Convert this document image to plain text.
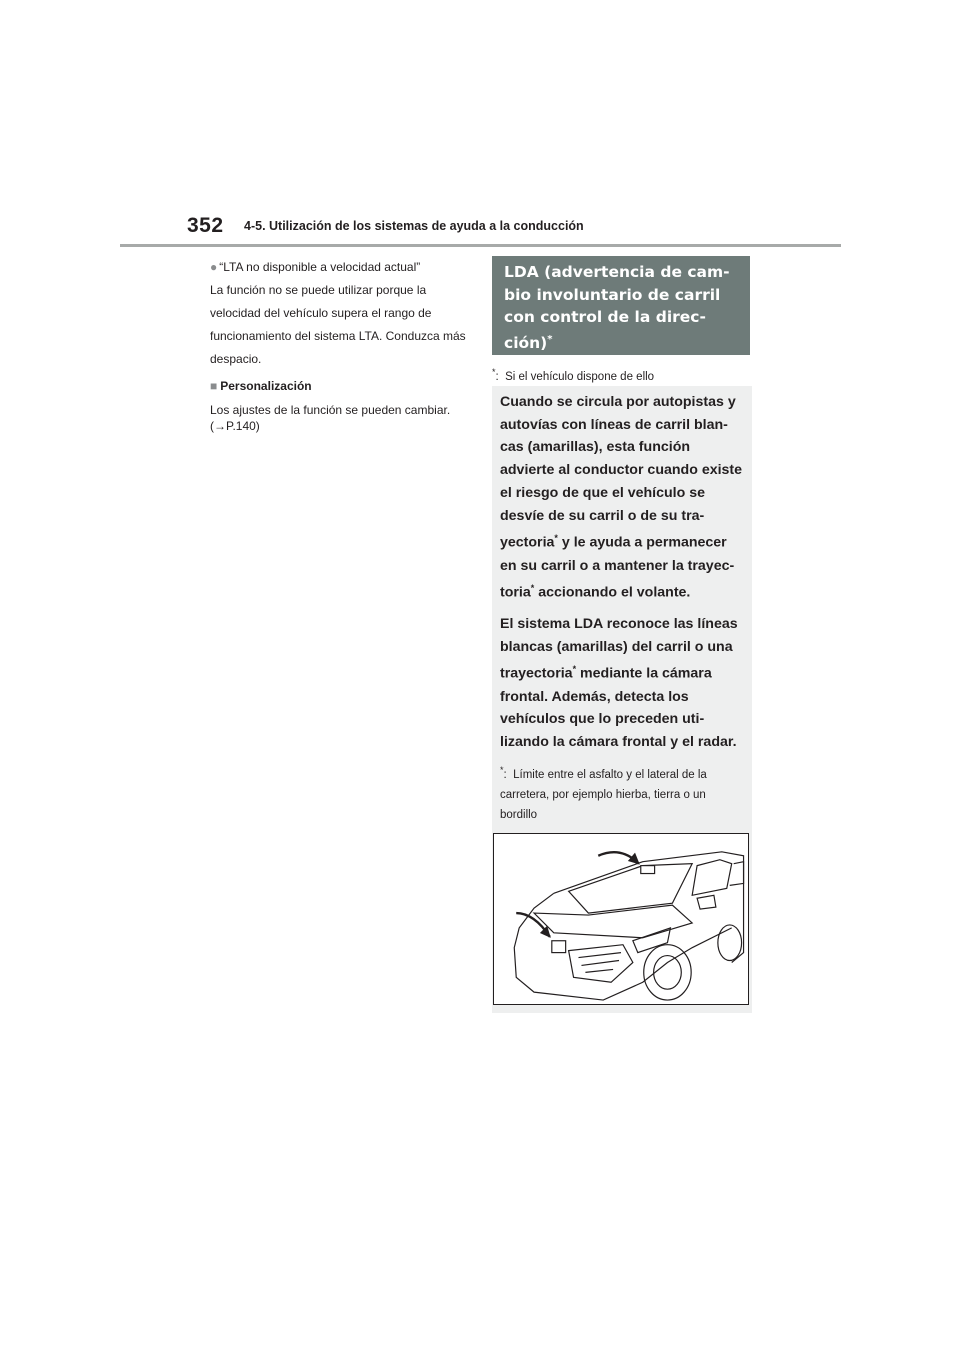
352 4-5. Utilización de los sistemas de ayuda a la conducción
● “LTA no disponible a velocidad actual”
La función no se puede utilizar porque la velocidad del vehículo supera el rango de funcionamiento del sistema LTA. Conduzca más despacio.
■ Personalización
Los ajustes de la función se pueden cambiar.
(→P.140)
LDA (advertencia de cam-
bio involuntario de carril
con control de la direc-
ción)*
*: Si el vehículo dispone de ello

Cuando se circula por autopistas y autovías con líneas de carril blan-cas (amarillas), esta función advierte al conductor cuando existe el riesgo de que el vehículo se desvíe de su carril o de su tra-yectoria* y le ayuda a permanecer en su carril o a mantener la trayec-toria* accionando el volante.

El sistema LDA reconoce las líneas blancas (amarillas) del carril o una trayectoria* mediante la cámara frontal. Además, detecta los vehículos que lo preceden uti-lizando la cámara frontal y el radar.

*:  Límite entre el asfalto y el lateral de la carretera, por ejemplo hierba, tierra o un bordillo
